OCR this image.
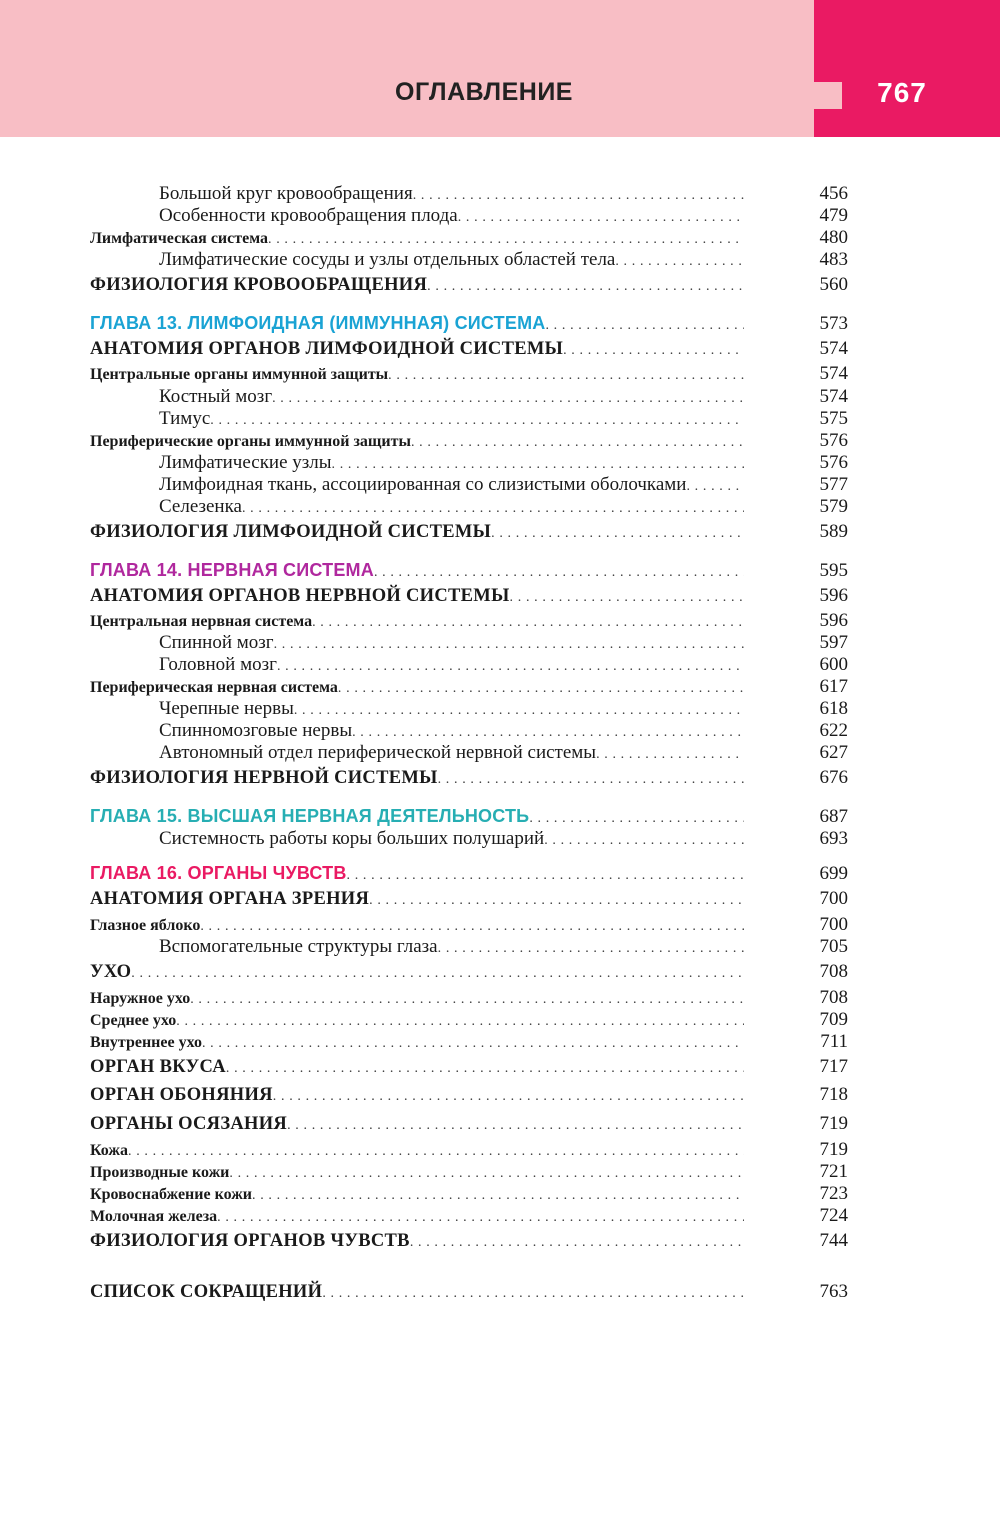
ОГЛАВЛЕНИЕ	767
Большой круг кровообращения . . .	456
Особенности кровообращения плода . . .	479
Лимфатическая система . . .	480
Лимфатические сосуды и узлы отдельных областей тела . . .	483
ФИЗИОЛОГИЯ КРОВООБРАЩЕНИЯ . . .	560
ГЛАВА 13. ЛИМФОИДНАЯ (ИММУННАЯ) СИСТЕМА . . .	573
АНАТОМИЯ ОРГАНОВ ЛИМФОИДНОЙ СИСТЕМЫ . . .	574
Центральные органы иммунной защиты . . .	574
Костный мозг . . .	574
Тимус . . .	575
Периферические органы иммунной защиты . . .	576
Лимфатические узлы . . .	576
Лимфоидная ткань, ассоциированная со слизистыми оболочками . . .	577
Селезенка . . .	579
ФИЗИОЛОГИЯ ЛИМФОИДНОЙ СИСТЕМЫ . . .	589
ГЛАВА 14. НЕРВНАЯ СИСТЕМА . . .	595
АНАТОМИЯ ОРГАНОВ НЕРВНОЙ СИСТЕМЫ . . .	596
Центральная нервная система . . .	596
Спинной мозг . . .	597
Головной мозг . . .	600
Периферическая нервная система . . .	617
Черепные нервы . . .	618
Спинномозговые нервы . . .	622
Автономный отдел периферической нервной системы . . .	627
ФИЗИОЛОГИЯ НЕРВНОЙ СИСТЕМЫ . . .	676
ГЛАВА 15. ВЫСШАЯ НЕРВНАЯ ДЕЯТЕЛЬНОСТЬ . . .	687
Системность работы коры больших полушарий . . .	693
ГЛАВА 16. ОРГАНЫ ЧУВСТВ . . .	699
АНАТОМИЯ ОРГАНА ЗРЕНИЯ . . .	700
Глазное яблоко . . .	700
Вспомогательные структуры глаза . . .	705
УХО . . .	708
Наружное ухо . . .	708
Среднее ухо . . .	709
Внутреннее ухо . . .	711
ОРГАН ВКУСА . . .	717
ОРГАН ОБОНЯНИЯ . . .	718
ОРГАНЫ ОСЯЗАНИЯ . . .	719
Кожа . . .	719
Производные кожи . . .	721
Кровоснабжение кожи . . .	723
Молочная железа . . .	724
ФИЗИОЛОГИЯ ОРГАНОВ ЧУВСТВ . . .	744
СПИСОК СОКРАЩЕНИЙ . . .	763
